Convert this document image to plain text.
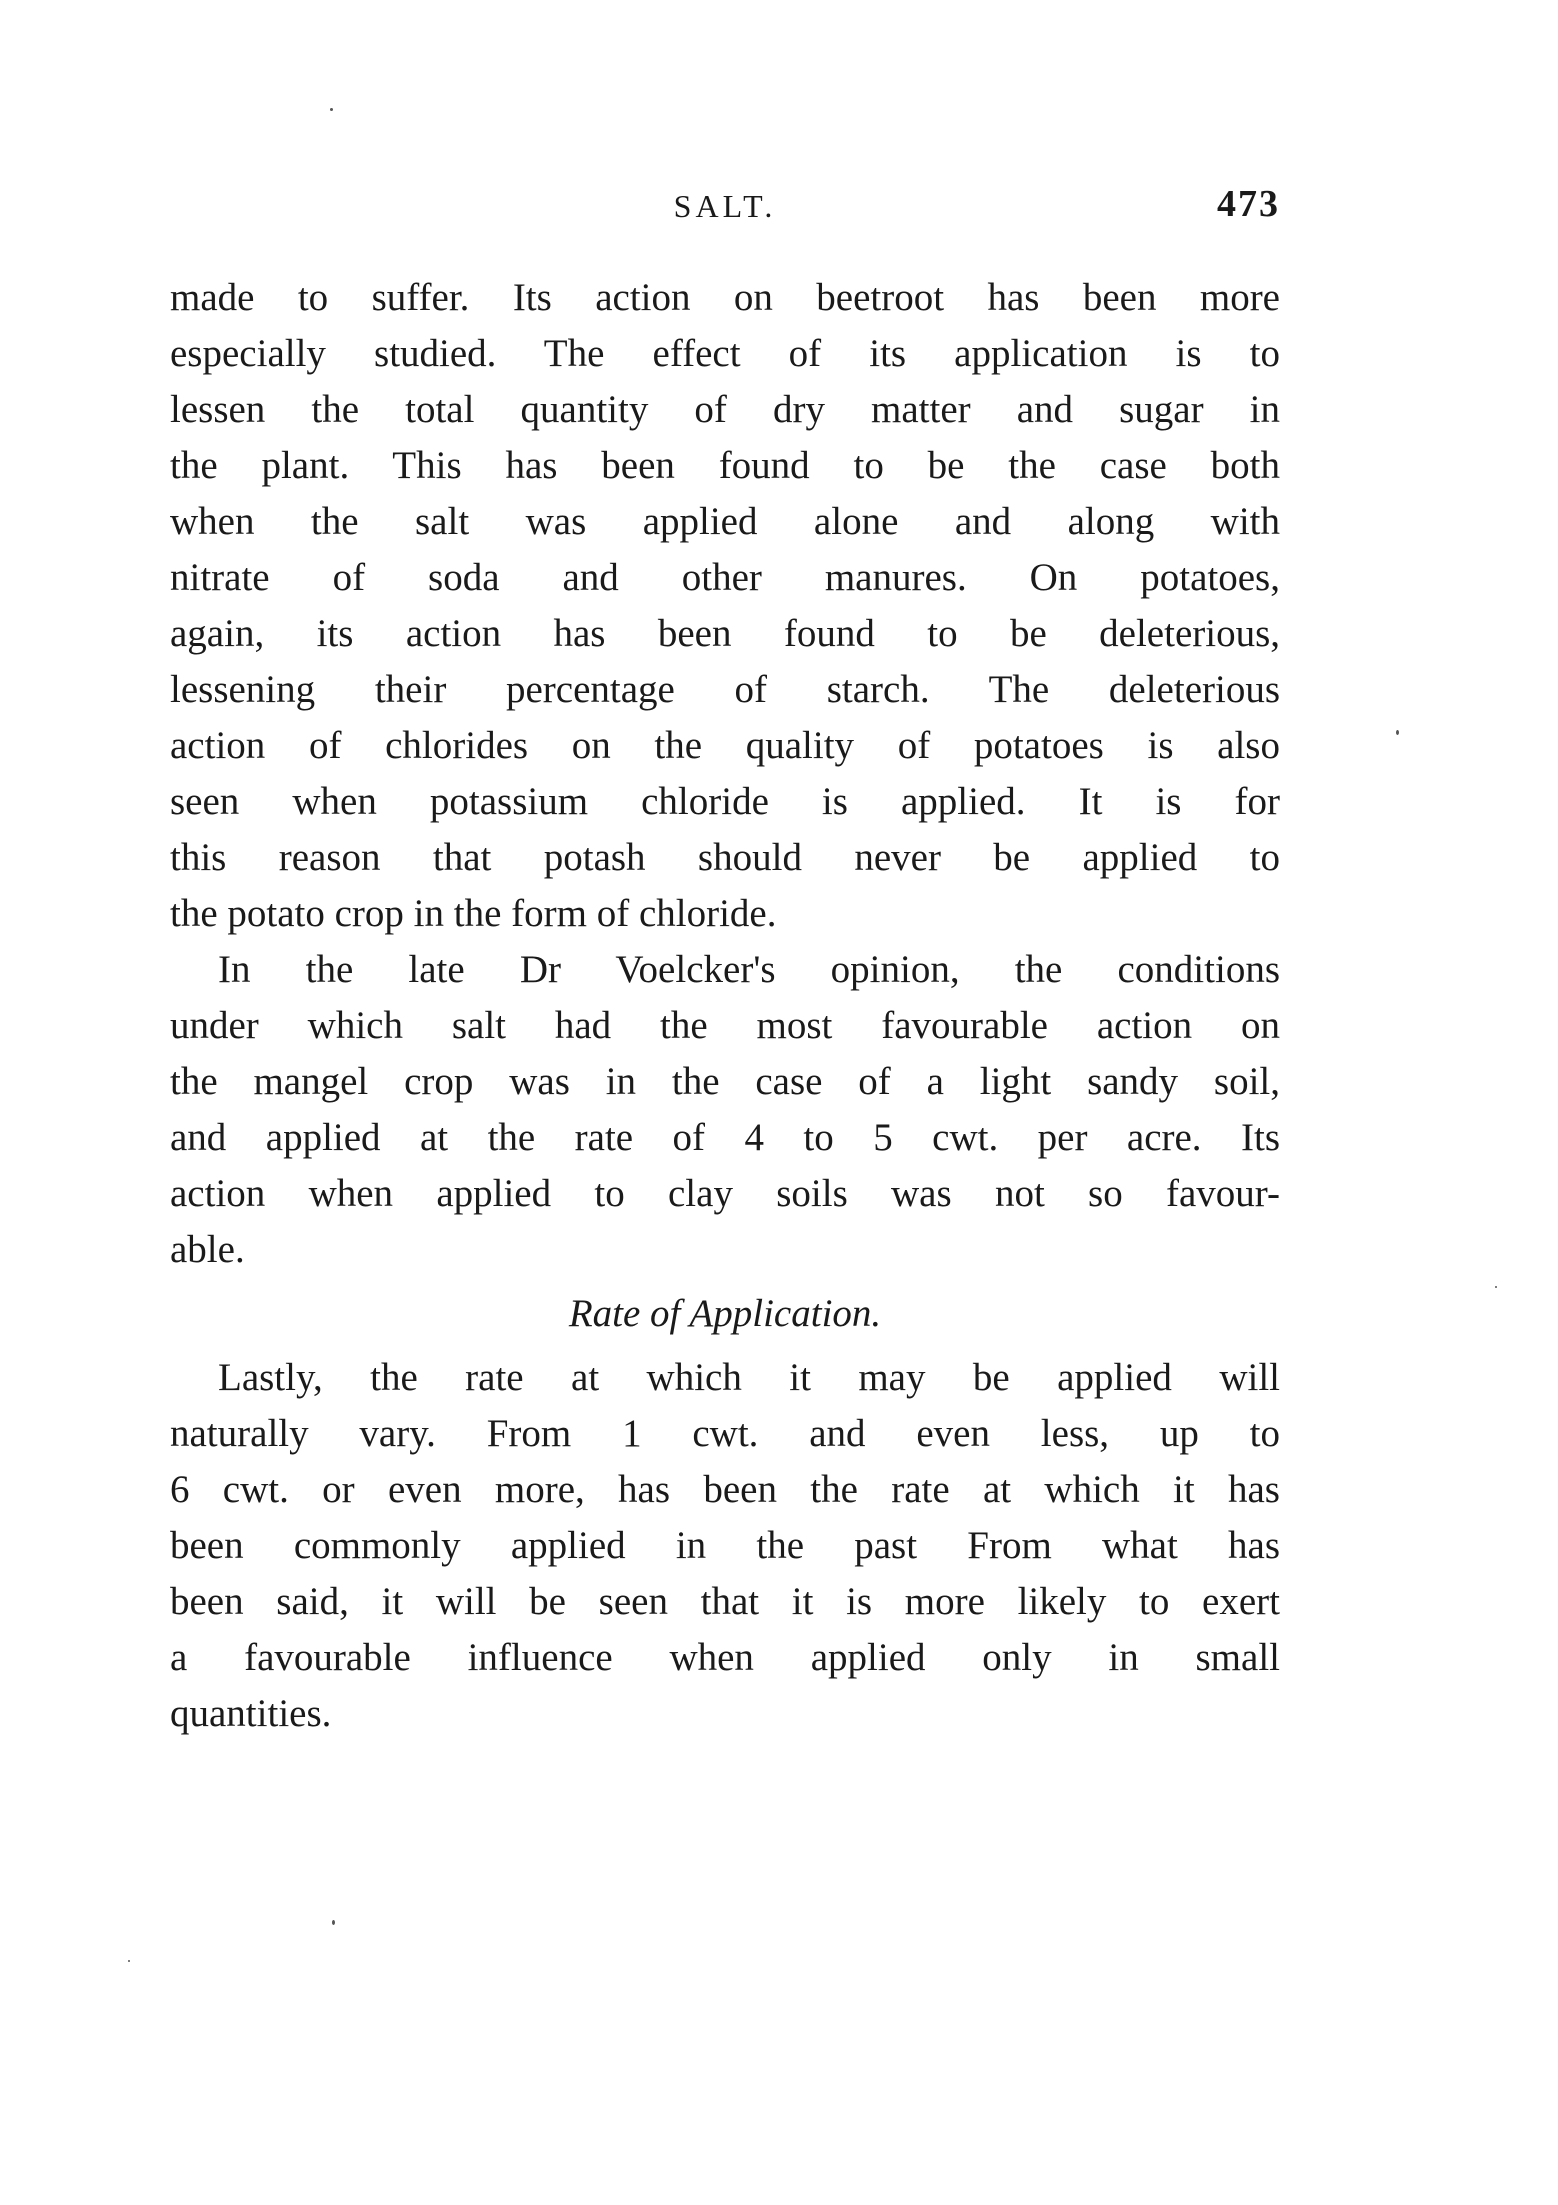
SALT.	473
made to suffer. Its action on beetroot has been more
especially studied. The effect of its application is to
lessen the total quantity of dry matter and sugar in
the plant. This has been found to be the case both
when the salt was applied alone and along with
nitrate of soda and other manures. On potatoes,
again, its action has been found to be deleterious,
lessening their percentage of starch. The deleterious
action of chlorides on the quality of potatoes is also
seen when potassium chloride is applied. It is for
this reason that potash should never be applied to
the potato crop in the form of chloride.
In the late Dr Voelcker's opinion, the conditions
under which salt had the most favourable action on
the mangel crop was in the case of a light sandy soil,
and applied at the rate of 4 to 5 cwt. per acre. Its
action when applied to clay soils was not so favour-
able.
Rate of Application.
Lastly, the rate at which it may be applied will
naturally vary. From 1 cwt. and even less, up to
6 cwt. or even more, has been the rate at which it has
been commonly applied in the past From what has
been said, it will be seen that it is more likely to exert
a favourable influence when applied only in small
quantities.
